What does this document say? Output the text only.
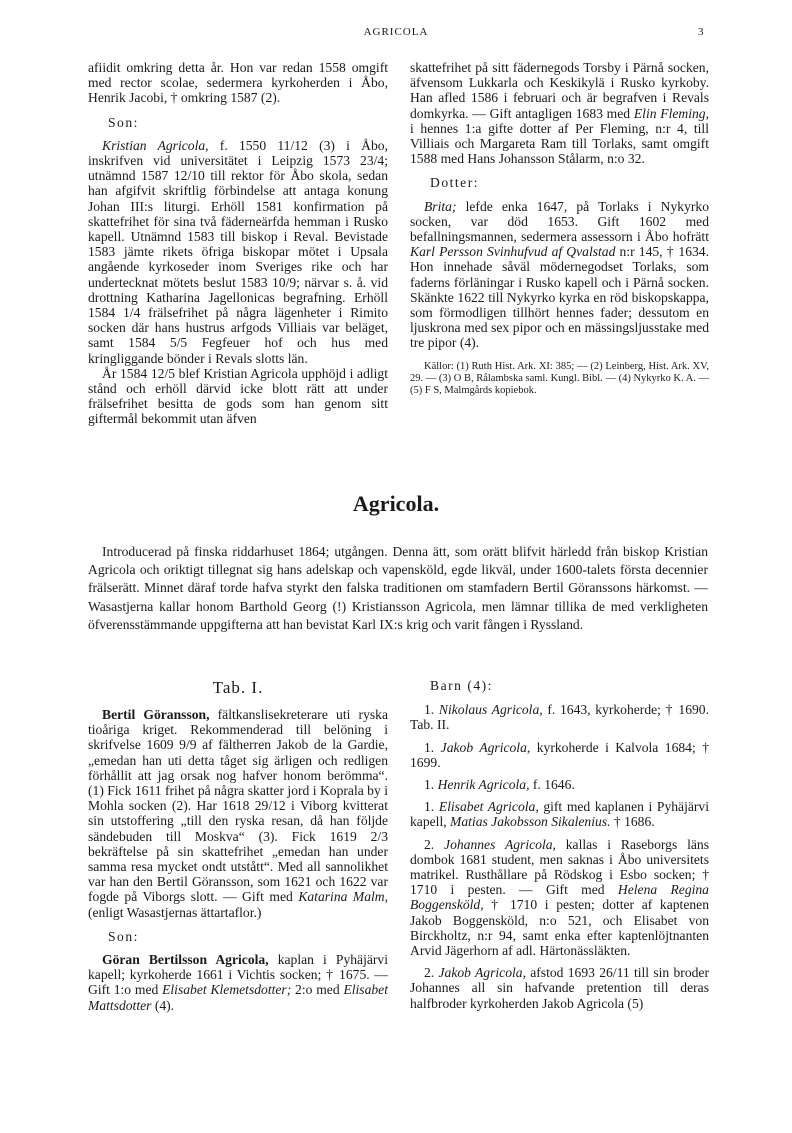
AGRICOLA	3

afiidit omkring detta år. Hon var redan 1558 omgift med rector scolae, sedermera kyrkoherden i Åbo, Henrik Jacobi, † omkring 1587 (2).

Son:

Kristian Agricola, f. 1550 11/12 (3) i Åbo, inskrifven vid universitätet i Leipzig 1573 23/4; utnämnd 1587 12/10 till rektor för Åbo skola, sedan han afgifvit skriftlig förbindelse att antaga konung Johan III:s liturgi. Erhöll 1581 konfirmation på skattefrihet för sina två fäderneärfda hemman i Rusko kapell. Utnämnd 1583 till biskop i Reval. Bevistade 1583 jämte rikets öfriga biskopar mötet i Upsala angående kyrkoseder inom Sveriges rike och har undertecknat mötets beslut 1583 10/9; närvar s. å. vid drottning Katharina Jagellonicas begrafning. Erhöll 1584 1/4 frälsefrihet på några lägenheter i Rimito socken där hans hustrus arfgods Villiais var beläget, samt 1584 5/5 Fegfeuer hof och hus med kringliggande bönder i Revals slotts län.

År 1584 12/5 blef Kristian Agricola upphöjd i adligt stånd och erhöll därvid icke blott rätt att under frälsefrihet besitta de gods som han genom sitt giftermål bekommit utan äfven

skattefrihet på sitt fädernegods Torsby i Pärnå socken, äfvensom Lukkarla och Keskikylä i Rusko kyrkoby. Han afled 1586 i februari och är begrafven i Revals domkyrka. — Gift antagligen 1683 med Elin Fleming, i hennes 1:a gifte dotter af Per Fleming, n:r 4, till Villiais och Margareta Ram till Torlaks, samt omgift 1588 med Hans Johansson Stålarm, n:o 32.

Dotter:

Brita; lefde enka 1647, på Torlaks i Nykyrko socken, var död 1653. Gift 1602 med befallningsmannen, sedermera assessorn i Åbo hofrätt Karl Persson Svinhufvud af Qvalstad n:r 145, † 1634. Hon innehade såväl mödernegodset Torlaks, som faderns förläningar i Rusko kapell och i Pärnå socken. Skänkte 1622 till Nykyrko kyrka en röd biskopskappa, som förmodligen tillhört hennes fader; dessutom en ljuskrona med sex pipor och en mässingsljusstake med tre pipor (4).

Källor: (1) Ruth Hist. Ark. XI: 385; — (2) Leinberg, Hist. Ark. XV, 29. — (3) O B, Rålambska saml. Kungl. Bibl. — (4) Nykyrko K. A. — (5) F S, Malmgårds kopiebok.

Agricola.

Introducerad på finska riddarhuset 1864; utgången. Denna ätt, som orätt blifvit härledd från biskop Kristian Agricola och oriktigt tillegnat sig hans adelskap och vapensköld, egde likväl, under 1600-talets första decennier frälserätt. Minnet däraf torde hafva styrkt den falska traditionen om stamfadern Bertil Göranssons härkomst. — Wasastjerna kallar honom Barthold Georg (!) Kristiansson Agricola, men lämnar tillika de med verkligheten öfverensstämmande uppgifterna att han bevistat Karl IX:s krig och varit fången i Ryssland.

Tab. I.

Bertil Göransson, fältkanslisekreterare uti ryska tioåriga kriget. Rekommenderad till belöning i skrifvelse 1609 9/9 af fältherren Jakob de la Gardie, „emedan han uti detta tåget sig ärligen och redligen förhållit att jag orsak nog hafver honom berömma“. (1) Fick 1611 frihet på några skatter jord i Koprala by i Mohla socken (2). Har 1618 29/12 i Viborg kvitterat sin utstoffering „till den ryska resan, då han följde sändebuden till Moskva“ (3). Fick 1619 2/3 bekräftelse på sin skattefrihet „emedan han under samma resa mycket ondt utstått“. Med all sannolikhet var han den Bertil Göransson, som 1621 och 1622 var fogde på Viborgs slott. — Gift med Katarina Malm, (enligt Wasastjernas ättartaflor.)

Son:

Göran Bertilsson Agricola, kaplan i Pyhäjärvi kapell; kyrkoherde 1661 i Vichtis socken; † 1675. — Gift 1:o med Elisabet Klemetsdotter; 2:o med Elisabet Mattsdotter (4).

Barn (4):

1. Nikolaus Agricola, f. 1643, kyrkoherde; † 1690. Tab. II.

1. Jakob Agricola, kyrkoherde i Kalvola 1684; † 1699.

1. Henrik Agricola, f. 1646.

1. Elisabet Agricola, gift med kaplanen i Pyhäjärvi kapell, Matias Jakobsson Sikalenius. † 1686.

2. Johannes Agricola, kallas i Raseborgs läns dombok 1681 student, men saknas i Åbo universitets matrikel. Rusthållare på Rödskog i Esbo socken; † 1710 i pesten. — Gift med Helena Regina Boggensköld, † 1710 i pesten; dotter af kaptenen Jakob Boggensköld, n:o 521, och Elisabet von Birckholtz, n:r 94, samt enka efter kaptenlöjtnanten Arvid Jägerhorn af adl. Härtonässläkten.

2. Jakob Agricola, afstod 1693 26/11 till sin broder Johannes all sin hafvande pretention till deras halfbroder kyrkoherden Jakob Agricola (5)
